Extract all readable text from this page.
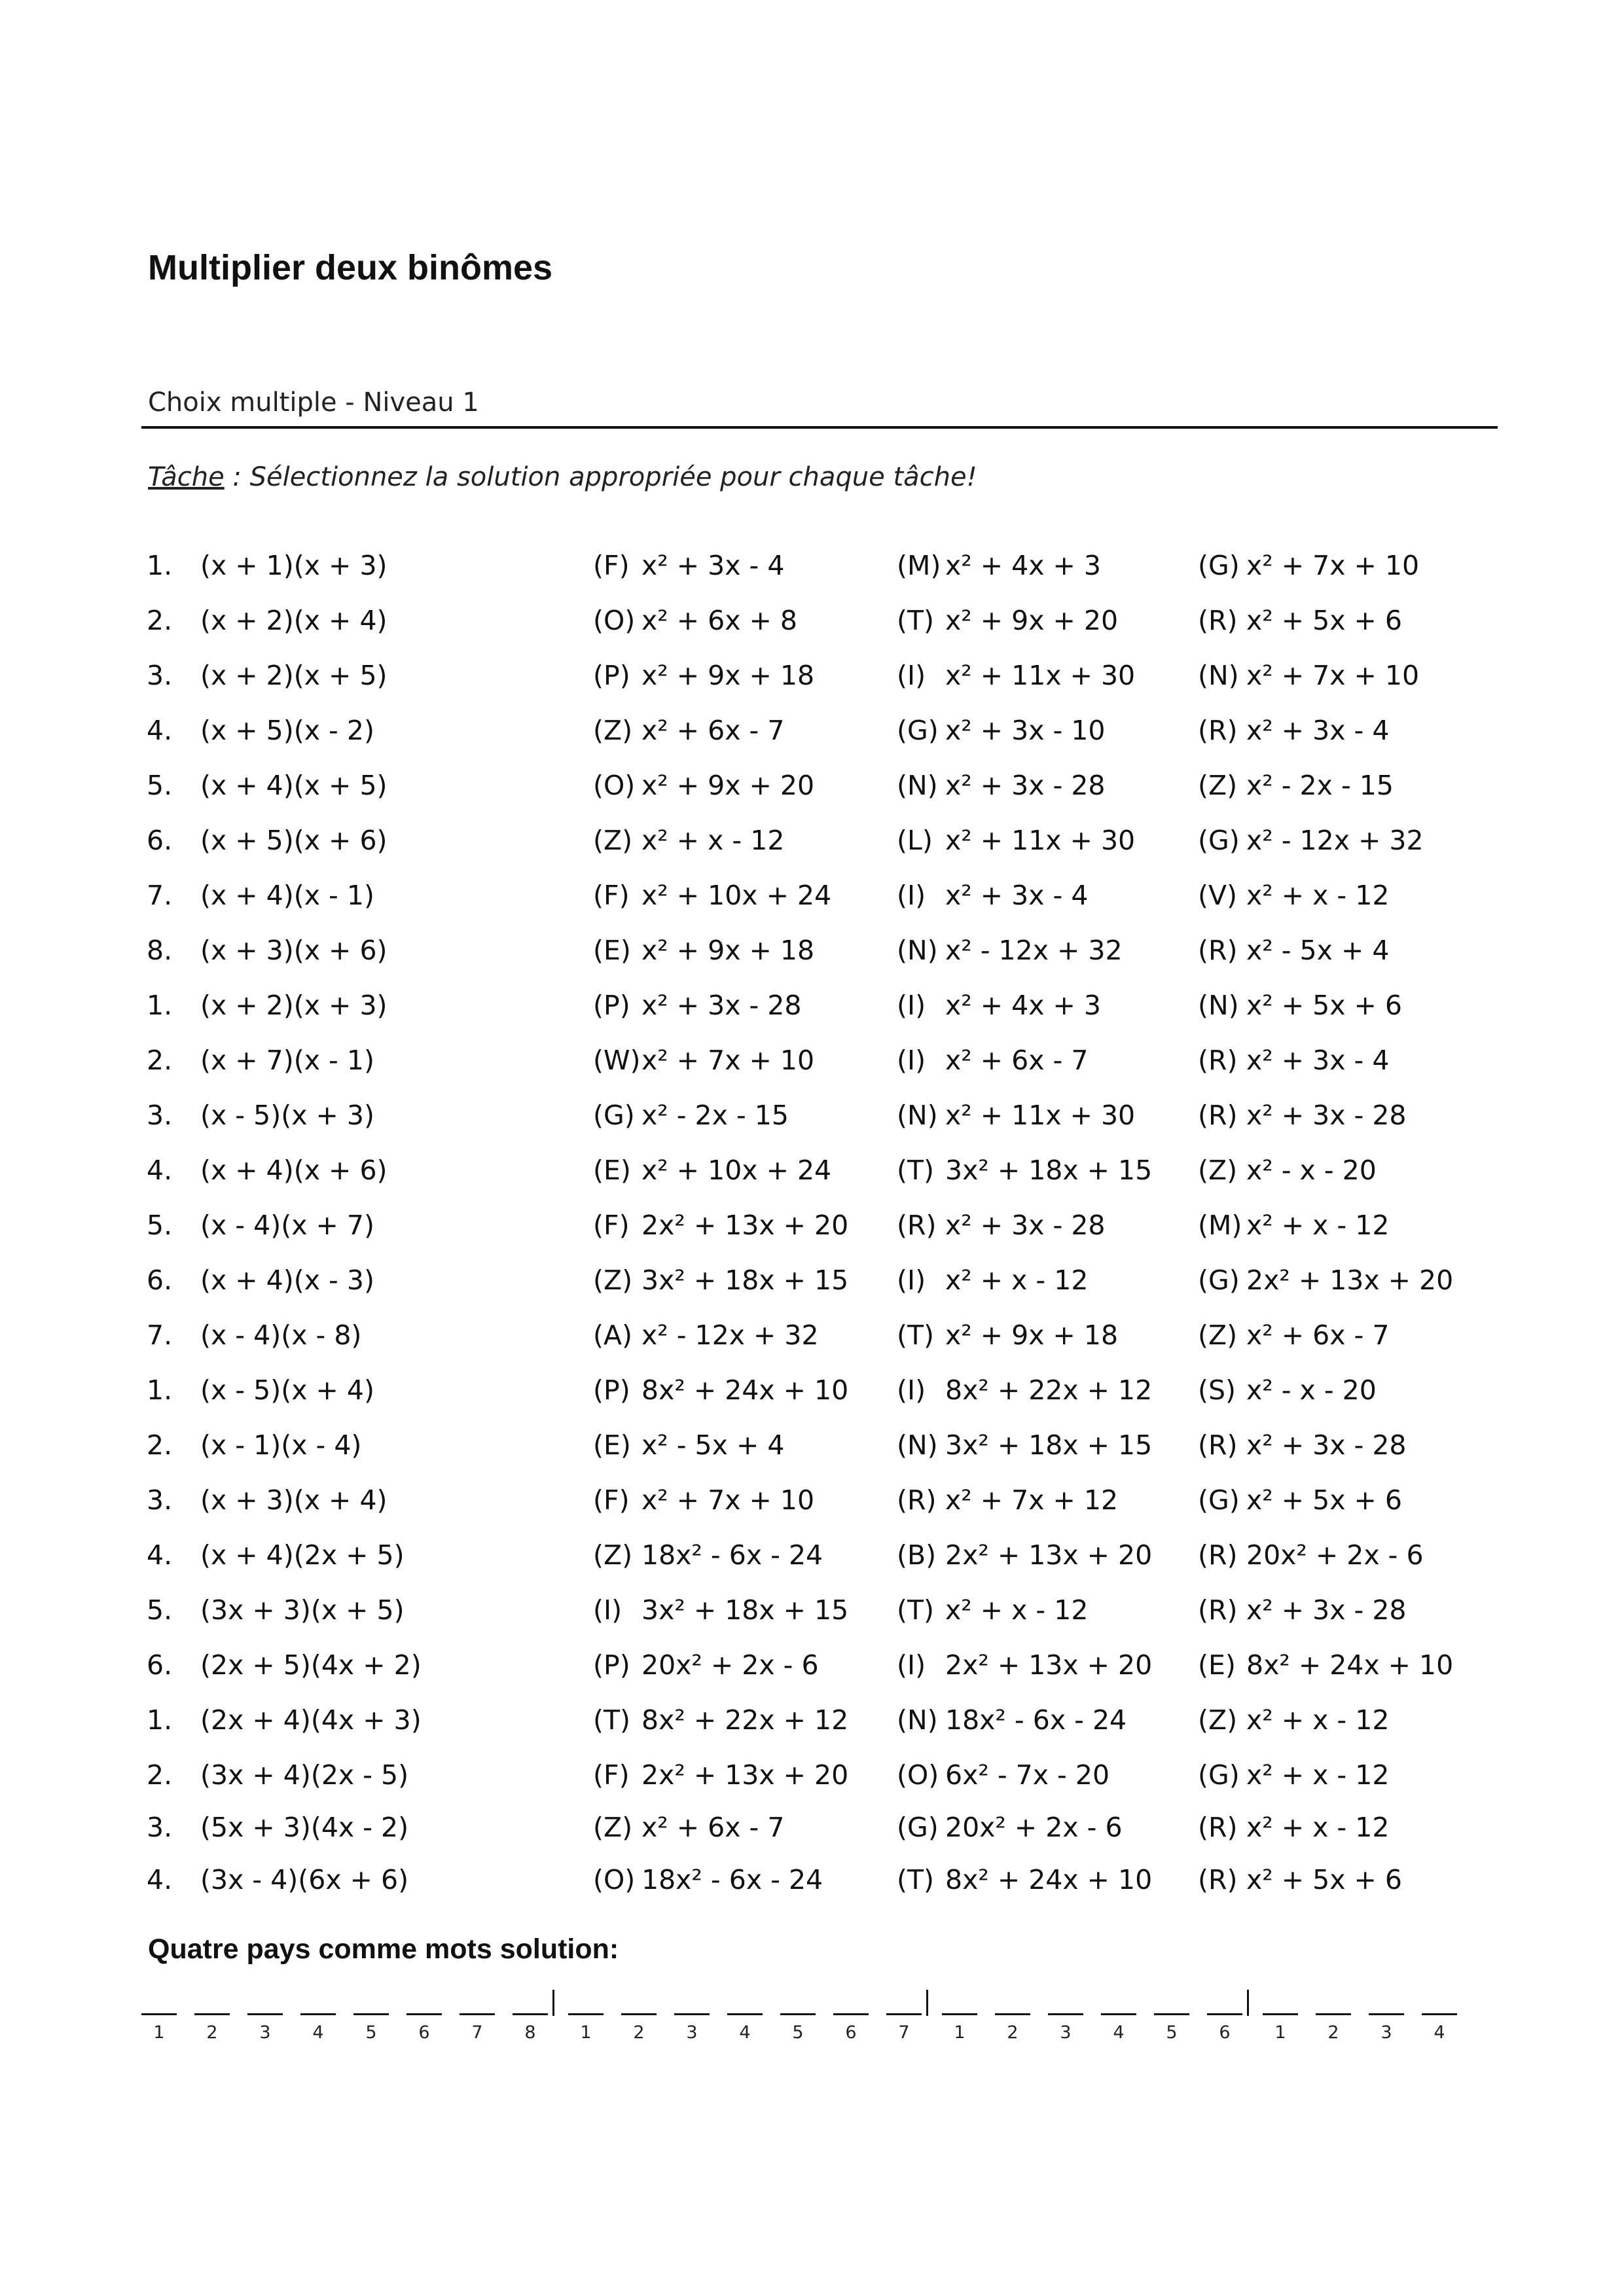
Multiplier deux binômes
Choix multiple - Niveau 1
Tâche : Sélectionnez la solution appropriée pour chaque tâche!
1. (x + 1)(x + 3)	(F) x² + 3x - 4	(M) x² + 4x + 3	(G) x² + 7x + 10
2. (x + 2)(x + 4)	(O) x² + 6x + 8	(T) x² + 9x + 20	(R) x² + 5x + 6
3. (x + 2)(x + 5)	(P) x² + 9x + 18	(I) x² + 11x + 30 (N) x² + 7x + 10
4. (x + 5)(x - 2)	(Z) x² + 6x - 7	(G) x² + 3x - 10	(R) x² + 3x - 4
5. (x + 4)(x + 5)	(O) x² + 9x + 20	(N) x² + 3x - 28	(Z) x² - 2x - 15
6. (x + 5)(x + 6)	(Z) x² + x - 12	(L) x² + 11x + 30 (G) x² - 12x + 32
7. (x + 4)(x - 1)	(F) x² + 10x + 24 (I) x² + 3x - 4	(V) x² + x - 12
8. (x + 3)(x + 6)	(E) x² + 9x + 18	(N) x² - 12x + 32	(R) x² - 5x + 4
1. (x + 2)(x + 3)	(P) x² + 3x - 28	(I) x² + 4x + 3	(N) x² + 5x + 6
2. (x + 7)(x - 1)	(W)x² + 7x + 10	(I) x² + 6x - 7	(R) x² + 3x - 4
3. (x - 5)(x + 3)	(G) x² - 2x - 15	(N) x² + 11x + 30 (R) x² + 3x - 28
4. (x + 4)(x + 6)	(E) x² + 10x + 24 (T) 3x² + 18x + 15 (Z) x² - x - 20
5. (x - 4)(x + 7)	(F) 2x² + 13x + 20 (R) x² + 3x - 28	(M) x² + x - 12
6. (x + 4)(x - 3)	(Z) 3x² + 18x + 15 (I) x² + x - 12	(G) 2x² + 13x + 20
7. (x - 4)(x - 8)	(A) x² - 12x + 32	(T) x² + 9x + 18	(Z) x² + 6x - 7
1. (x - 5)(x + 4)	(P) 8x² + 24x + 10 (I) 8x² + 22x + 12 (S) x² - x - 20
2. (x - 1)(x - 4)	(E) x² - 5x + 4	(N) 3x² + 18x + 15 (R) x² + 3x - 28
3. (x + 3)(x + 4)	(F) x² + 7x + 10	(R) x² + 7x + 12	(G) x² + 5x + 6
4. (x + 4)(2x + 5)	(Z) 18x² - 6x - 24	(B) 2x² + 13x + 20 (R) 20x² + 2x - 6
5. (3x + 3)(x + 5)	(I) 3x² + 18x + 15 (T) x² + x - 12	(R) x² + 3x - 28
6. (2x + 5)(4x + 2)	(P) 20x² + 2x - 6	(I) 2x² + 13x + 20 (E) 8x² + 24x + 10
1. (2x + 4)(4x + 3)	(T) 8x² + 22x + 12 (N) 18x² - 6x - 24	(Z) x² + x - 12
2. (3x + 4)(2x - 5)	(F) 2x² + 13x + 20 (O) 6x² - 7x - 20	(G) x² + x - 12
3. (5x + 3)(4x - 2)	(Z) x² + 6x - 7	(G) 20x² + 2x - 6	(R) x² + x - 12
4. (3x - 4)(6x + 6)	(O) 18x² - 6x - 24	(T) 8x² + 24x + 10 (R) x² + 5x + 6
Quatre pays comme mots solution:
1	2	3	4	5	6	7	8	1	2	3	4	5	6	7	1	2	3	4	5	6	1	2	3	4
